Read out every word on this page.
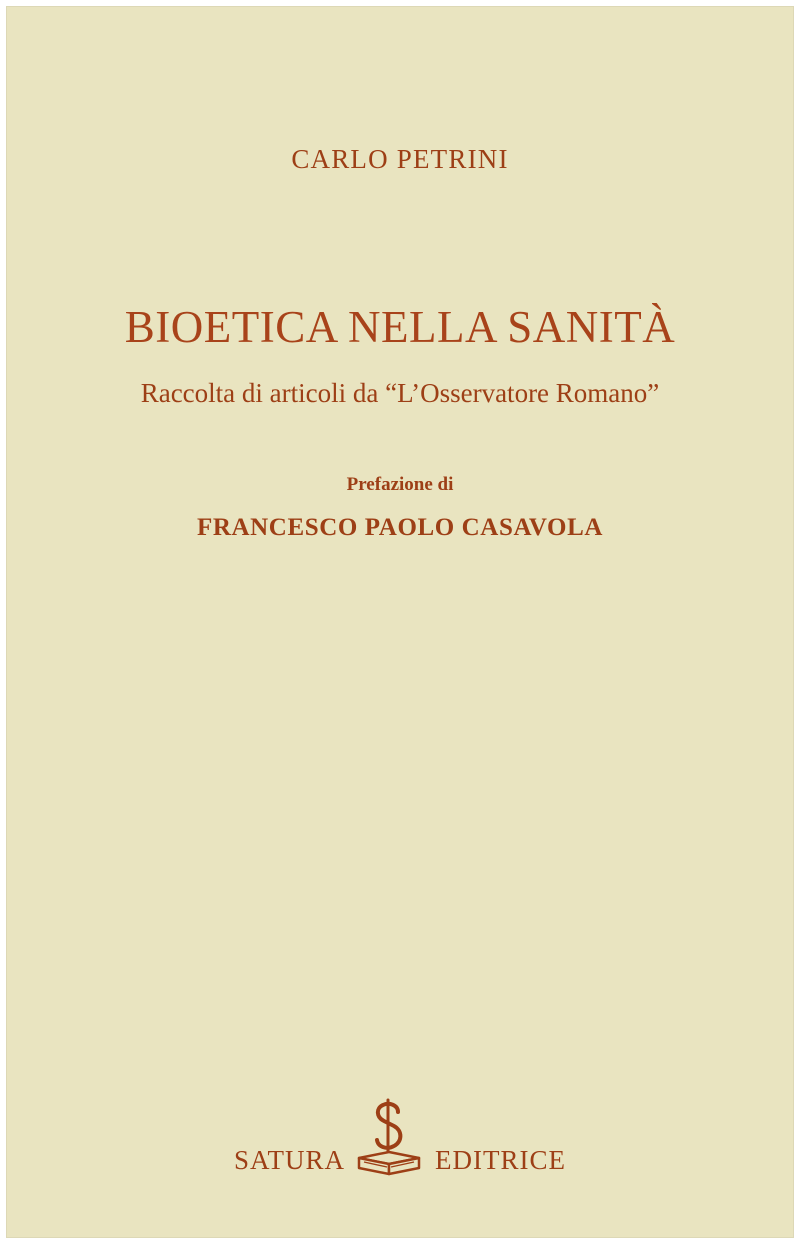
CARLO PETRINI
BIOETICA NELLA SANITÀ
Raccolta di articoli da “L’Osservatore Romano”
Prefazione di
FRANCESCO PAOLO CASAVOLA
SATURA	EDITRICE
